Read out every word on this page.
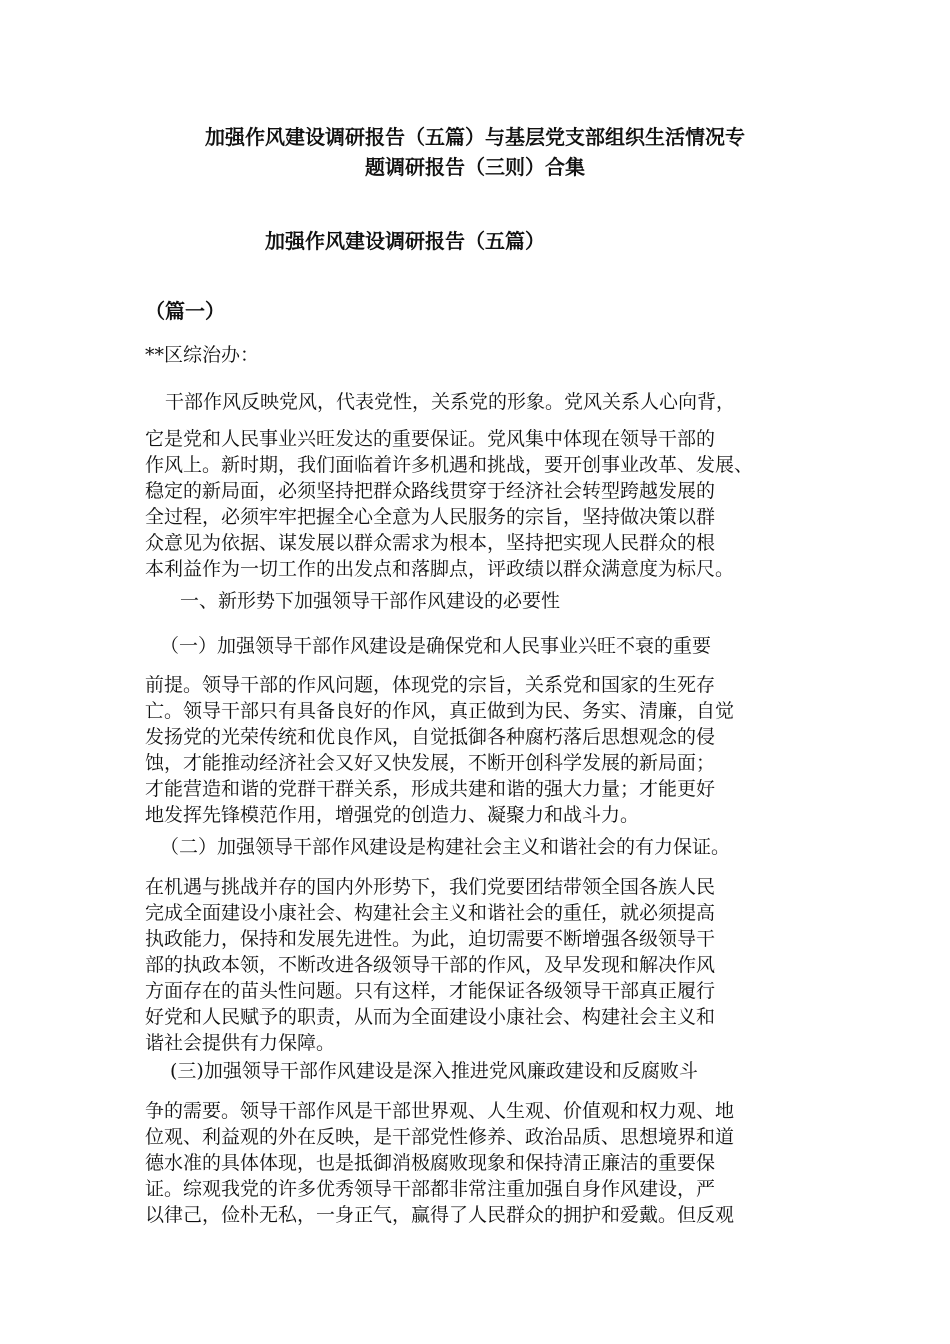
加强作风建设调研报告（五篇）与基层党支部组织生活情况专
题调研报告（三则）合集
加强作风建设调研报告（五篇）
（篇一）
**区综治办：
干部作风反映党风，代表党性，关系党的形象。党风关系人心向背，
它是党和人民事业兴旺发达的重要保证。党风集中体现在领导干部的
作风上。新时期，我们面临着许多机遇和挑战，要开创事业改革、发展、
稳定的新局面，必须坚持把群众路线贯穿于经济社会转型跨越发展的
全过程，必须牢牢把握全心全意为人民服务的宗旨，坚持做决策以群
众意见为依据、谋发展以群众需求为根本，坚持把实现人民群众的根
本利益作为一切工作的出发点和落脚点，评政绩以群众满意度为标尺。
一、新形势下加强领导干部作风建设的必要性
（一）加强领导干部作风建设是确保党和人民事业兴旺不衰的重要
前提。领导干部的作风问题，体现党的宗旨，关系党和国家的生死存
亡。领导干部只有具备良好的作风，真正做到为民、务实、清廉，自觉
发扬党的光荣传统和优良作风，自觉抵御各种腐朽落后思想观念的侵
蚀，才能推动经济社会又好又快发展，不断开创科学发展的新局面；
才能营造和谐的党群干群关系，形成共建和谐的强大力量；才能更好
地发挥先锋模范作用，增强党的创造力、凝聚力和战斗力。
（二）加强领导干部作风建设是构建社会主义和谐社会的有力保证。
在机遇与挑战并存的国内外形势下，我们党要团结带领全国各族人民
完成全面建设小康社会、构建社会主义和谐社会的重任，就必须提高
执政能力，保持和发展先进性。为此，迫切需要不断增强各级领导干
部的执政本领，不断改进各级领导干部的作风，及早发现和解决作风
方面存在的苗头性问题。只有这样，才能保证各级领导干部真正履行
好党和人民赋予的职责，从而为全面建设小康社会、构建社会主义和
谐社会提供有力保障。
(三)加强领导干部作风建设是深入推进党风廉政建设和反腐败斗
争的需要。领导干部作风是干部世界观、人生观、价值观和权力观、地
位观、利益观的外在反映，是干部党性修养、政治品质、思想境界和道
德水准的具体体现，也是抵御消极腐败现象和保持清正廉洁的重要保
证。综观我党的许多优秀领导干部都非常注重加强自身作风建设，严
以律己，俭朴无私，一身正气，赢得了人民群众的拥护和爱戴。但反观
